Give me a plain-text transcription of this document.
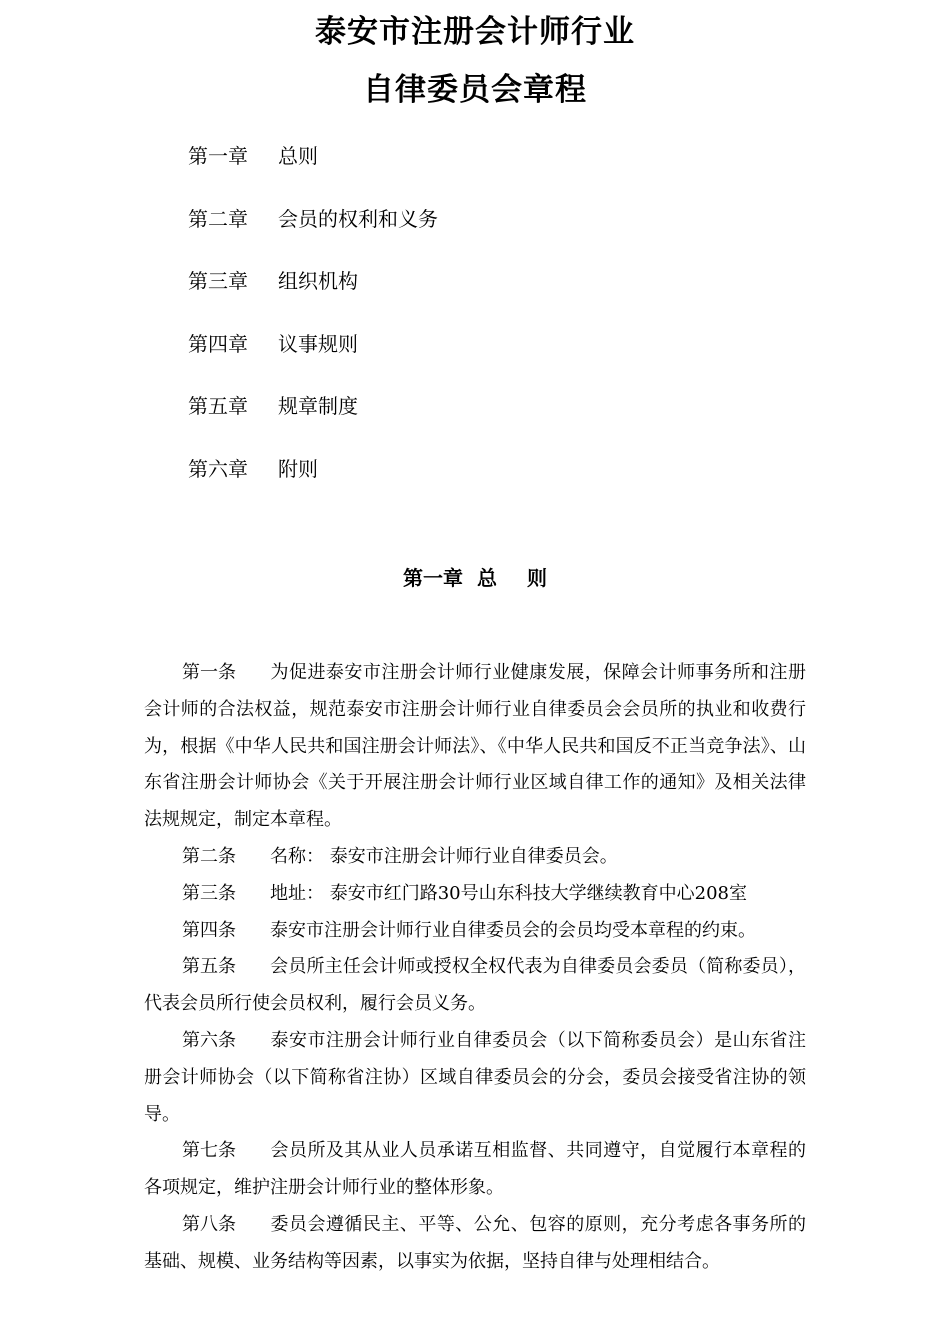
泰安市注册会计师行业
自律委员会章程
第一章 总则
第二章 会员的权利和义务
第三章 组织机构
第四章 议事规则
第五章 规章制度
第六章 附则
第一章 总 则

第一条 为促进泰安市注册会计师行业健康发展，保障会计师事务所和注册会计师的合法权益，规范泰安市注册会计师行业自律委员会会员所的执业和收费行为，根据《中华人民共和国注册会计师法》、《中华人民共和国反不正当竞争法》、山东省注册会计师协会《关于开展注册会计师行业区域自律工作的通知》及相关法律法规规定，制定本章程。

第二条 名称： 泰安市注册会计师行业自律委员会。

第三条 地址： 泰安市红门路30号山东科技大学继续教育中心208室

第四条 泰安市注册会计师行业自律委员会的会员均受本章程的约束。

第五条 会员所主任会计师或授权全权代表为自律委员会委员（简称委员），代表会员所行使会员权利，履行会员义务。

第六条 泰安市注册会计师行业自律委员会（以下简称委员会）是山东省注册会计师协会（以下简称省注协）区域自律委员会的分会，委员会接受省注协的领导。

第七条 会员所及其从业人员承诺互相监督、共同遵守，自觉履行本章程的各项规定，维护注册会计师行业的整体形象。

第八条 委员会遵循民主、平等、公允、包容的原则，充分考虑各事务所的基础、规模、业务结构等因素，以事实为依据，坚持自律与处理相结合。
